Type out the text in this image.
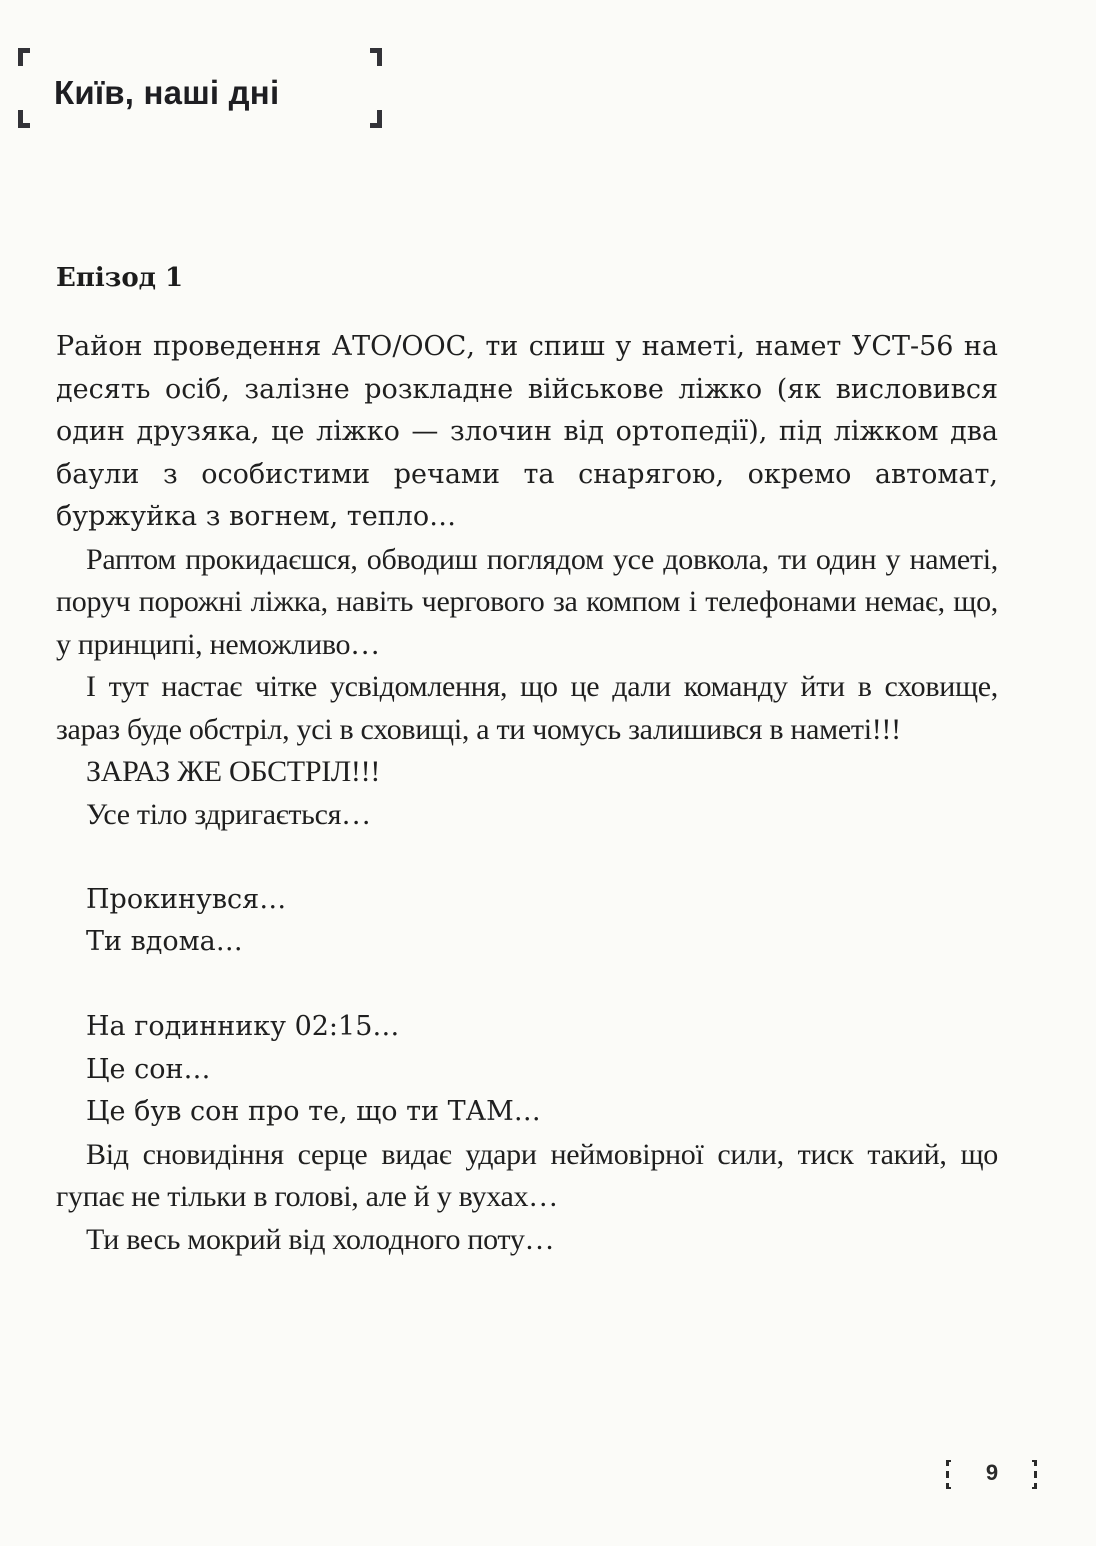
Київ, наші дні
Епізод 1

Район проведення АТО/ООС, ти спиш у наметі, намет УСТ-56 на десять осіб, залізне розкладне військове ліжко (як висловився один друзяка, це ліжко — злочин від ортопедії), під ліжком два баули з особистими речами та снарягою, окремо автомат, буржуйка з вогнем, тепло…

Раптом прокидаєшся, обводиш поглядом усе довкола, ти один у наметі, поруч порожні ліжка, навіть чергового за компом і телефонами немає, що, у принципі, неможливо…

І тут настає чітке усвідомлення, що це дали команду йти в сховище, зараз буде обстріл, усі в сховищі, а ти чомусь залишився в наметі!!!

ЗАРАЗ ЖЕ ОБСТРІЛ!!!

Усе тіло здригається…

Прокинувся…

Ти вдома…

На годиннику 02:15…

Це сон…

Це був сон про те, що ти ТАМ…

Від сновидіння серце видає удари неймовірної сили, тиск такий, що гупає не тільки в голові, але й у вухах…

Ти весь мокрий від холодного поту…

9
